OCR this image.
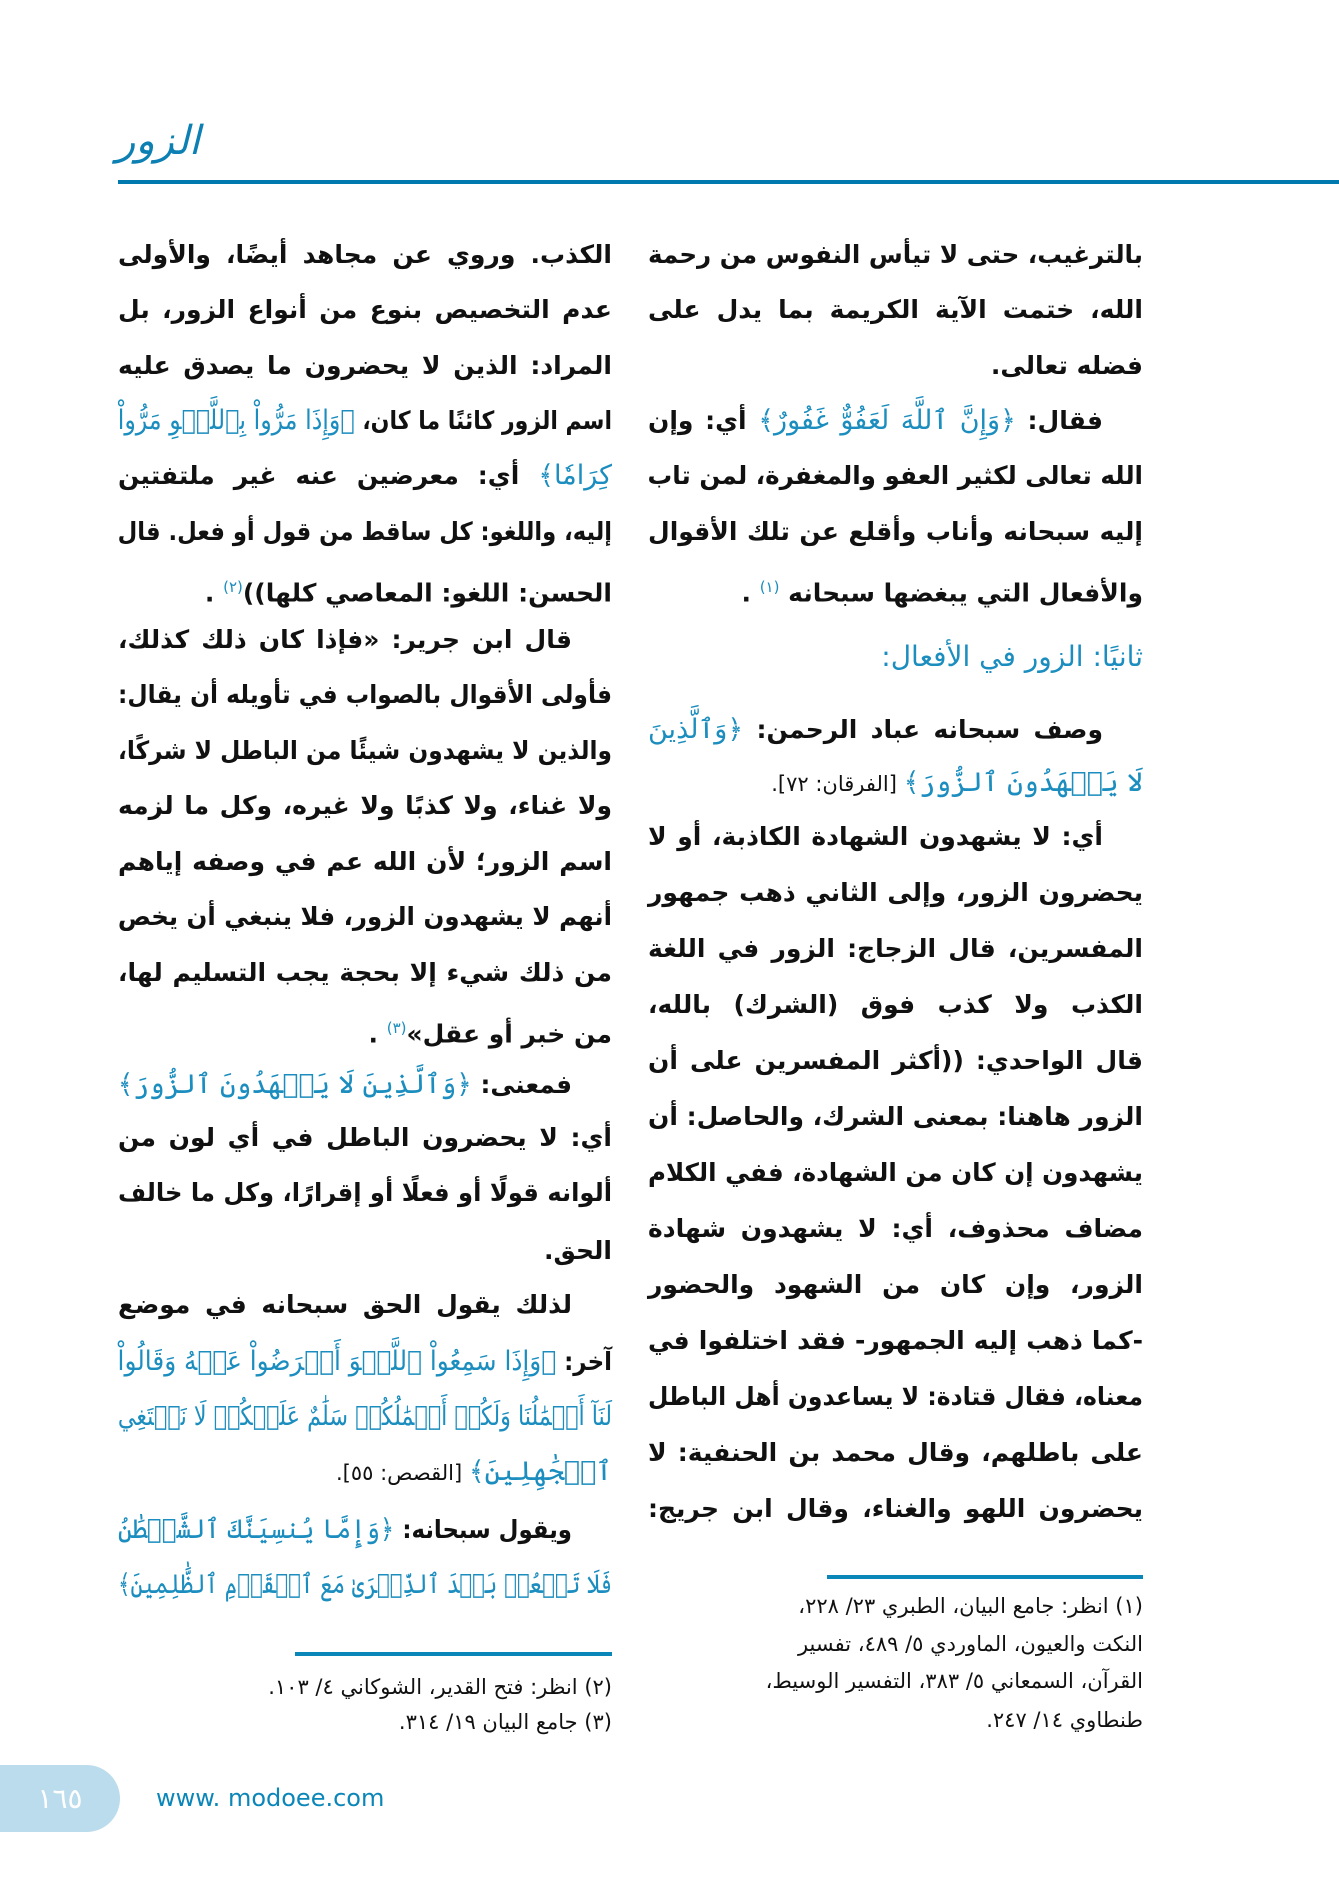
الزور
بالترغيب، حتى لا تيأس النفوس من رحمة
الله، ختمت الآية الكريمة بما يدل على
فضله تعالى.
فقال: ﴿وَإِنَّ ٱللَّهَ لَعَفُوٌّ غَفُورٌ﴾ أي: وإن
الله تعالى لكثير العفو والمغفرة، لمن تاب
إليه سبحانه وأناب وأقلع عن تلك الأقوال
والأفعال التي يبغضها سبحانه $^{(١)}$ .
ثانيًا: الزور في الأفعال:
وصف سبحانه عباد الرحمن: ﴿وَٱلَّذِينَ
لَا يَشۡهَدُونَ ٱلزُّورَ﴾ [الفرقان: ٧٢].
أي: لا يشهدون الشهادة الكاذبة، أو لا
يحضرون الزور، وإلى الثاني ذهب جمهور
المفسرين، قال الزجاج: الزور في اللغة
الكذب ولا كذب فوق (الشرك) بالله،
قال الواحدي: ((أكثر المفسرين على أن
الزور هاهنا: بمعنى الشرك، والحاصل: أن
يشهدون إن كان من الشهادة، ففي الكلام
مضاف محذوف، أي: لا يشهدون شهادة
الزور، وإن كان من الشهود والحضور
-كما ذهب إليه الجمهور- فقد اختلفوا في
معناه، فقال قتادة: لا يساعدون أهل الباطل
على باطلهم، وقال محمد بن الحنفية: لا
يحضرون اللهو والغناء، وقال ابن جريج:
الكذب. وروي عن مجاهد أيضًا، والأولى
عدم التخصيص بنوع من أنواع الزور، بل
المراد: الذين لا يحضرون ما يصدق عليه
اسم الزور كائنًا ما كان، ﴿وَإِذَا مَرُّواْ بِٱللَّغۡوِ مَرُّواْ
كِرَامٗا﴾ أي: معرضين عنه غير ملتفتين
إليه، واللغو: كل ساقط من قول أو فعل. قال
الحسن: اللغو: المعاصي كلها))$^{(٢)}$ .
قال ابن جرير: «فإذا كان ذلك كذلك،
فأولى الأقوال بالصواب في تأويله أن يقال:
والذين لا يشهدون شيئًا من الباطل لا شركًا،
ولا غناء، ولا كذبًا ولا غيره، وكل ما لزمه
اسم الزور؛ لأن الله عم في وصفه إياهم
أنهم لا يشهدون الزور، فلا ينبغي أن يخص
من ذلك شيء إلا بحجة يجب التسليم لها،
من خبر أو عقل»$^{(٣)}$ .
فمعنى: ﴿وَٱلَّذِينَ لَا يَشۡهَدُونَ ٱلزُّورَ﴾
أي: لا يحضرون الباطل في أي لون من
ألوانه قولًا أو فعلًا أو إقرارًا، وكل ما خالف
الحق.
لذلك يقول الحق سبحانه في موضع
آخر: ﴿وَإِذَا سَمِعُواْ ٱللَّغۡوَ أَعۡرَضُواْ عَنۡهُ وَقَالُواْ
لَنَآ أَعۡمَٰلُنَا وَلَكُمۡ أَعۡمَٰلُكُمۡ سَلَٰمٌ عَلَيۡكُمۡ لَا نَبۡتَغِي
ٱلۡجَٰهِلِينَ﴾ [القصص: ٥٥].
ويقول سبحانه: ﴿وَإِمَّا يُنسِيَنَّكَ ٱلشَّيۡطَٰنُ
فَلَا تَقۡعُدۡ بَعۡدَ ٱلذِّكۡرَىٰ مَعَ ٱلۡقَوۡمِ ٱلظَّٰلِمِينَ﴾
(١) انظر: جامع البيان، الطبري ٢٣/ ٢٢٨،
النكت والعيون، الماوردي ٥/ ٤٨٩، تفسير
القرآن، السمعاني ٥/ ٣٨٣، التفسير الوسيط،
طنطاوي ١٤/ ٢٤٧.
(٢) انظر: فتح القدير، الشوكاني ٤/ ١٠٣.
(٣) جامع البيان ١٩/ ٣١٤.
١٦٥	www. modoee.com
